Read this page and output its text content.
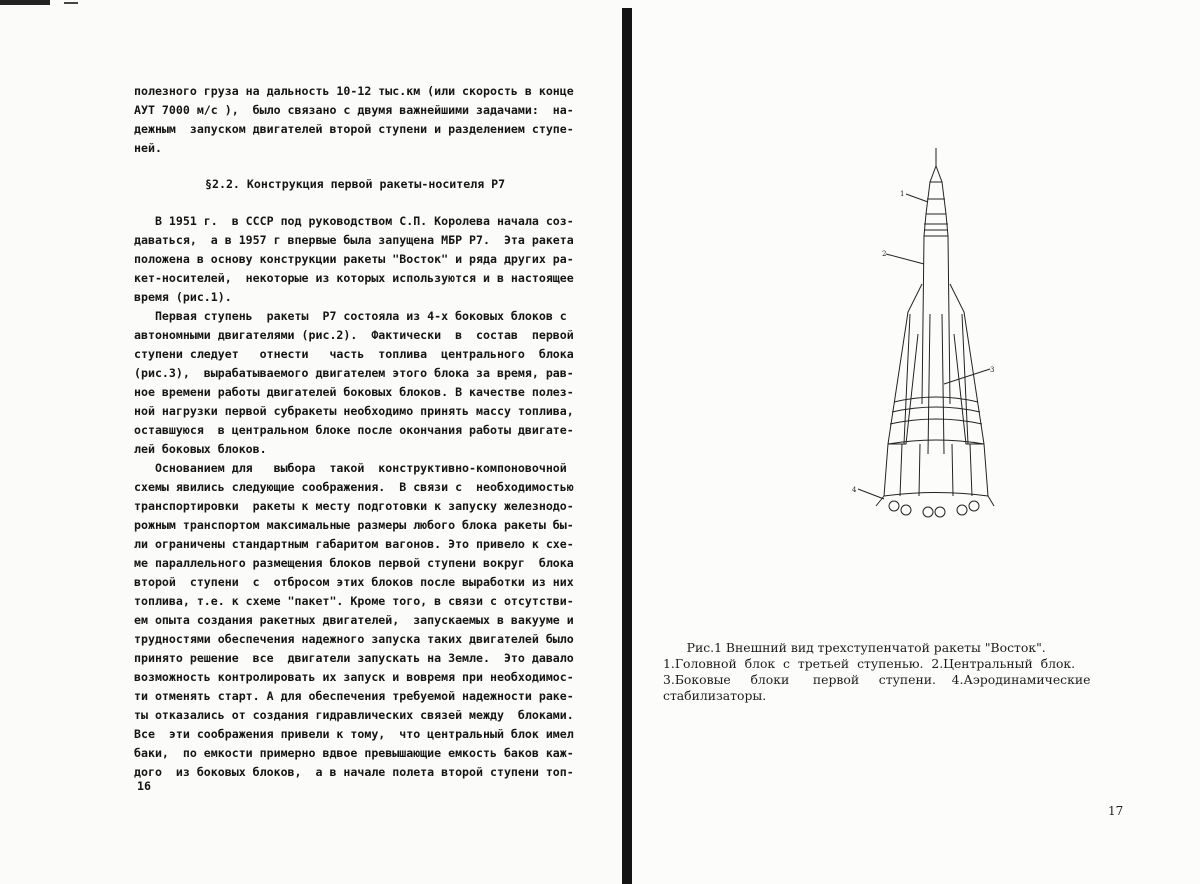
полезного груза на дальность 10-12 тыс.км (или скорость в конце
АУТ 7000 м/с ),  было связано с двумя важнейшими задачами:  на-
дежным  запуском двигателей второй ступени и разделением ступе-
ней.
§2.2. Конструкция первой ракеты-носителя Р7
В 1951 г.  в СССР под руководством С.П. Королева начала соз-
даваться,  а в 1957 г впервые была запущена МБР Р7.  Эта ракета
положена в основу конструкции ракеты "Восток" и ряда других ра-
кет-носителей,  некоторые из которых используются и в настоящее
время (рис.1).
Первая ступень  ракеты  Р7 состояла из 4-х боковых блоков с
автономными двигателями (рис.2).  Фактически  в  состав  первой
ступени следует   отнести   часть  топлива  центрального  блока
(рис.3),  вырабатываемого двигателем этого блока за время, рав-
ное времени работы двигателей боковых блоков. В качестве полез-
ной нагрузки первой субракеты необходимо принять массу топлива,
оставшуюся  в центральном блоке после окончания работы двигате-
лей боковых блоков.
Основанием для   выбора  такой  конструктивно-компоновочной
схемы явились следующие соображения.  В связи с  необходимостью
транспортировки  ракеты к месту подготовки к запуску железнодо-
рожным транспортом максимальные размеры любого блока ракеты бы-
ли ограничены стандартным габаритом вагонов. Это привело к схе-
ме параллельного размещения блоков первой ступени вокруг  блока
второй  ступени  с  отбросом этих блоков после выработки из них
топлива, т.е. к схеме "пакет". Кроме того, в связи с отсутстви-
ем опыта создания ракетных двигателей,  запускаемых в вакууме и
трудностями обеспечения надежного запуска таких двигателей было
принято решение  все  двигатели запускать на Земле.  Это давало
возможность контролировать их запуск и вовремя при необходимос-
ти отменять старт. А для обеспечения требуемой надежности раке-
ты отказались от создания гидравлических связей между  блоками.
Все  эти соображения привели к тому,  что центральный блок имел
баки,  по емкости примерно вдвое превышающие емкость баков каж-
дого  из боковых блоков,  а в начале полета второй ступени топ-
16
1
2
3
4
Рис.1 Внешний вид трехступенчатой ракеты "Восток".
1.Головной  блок  с  третьей  ступенью.  2.Центральный  блок.
3.Боковые     блоки      первой     ступени.    4.Аэродинамические
стабилизаторы.
17
